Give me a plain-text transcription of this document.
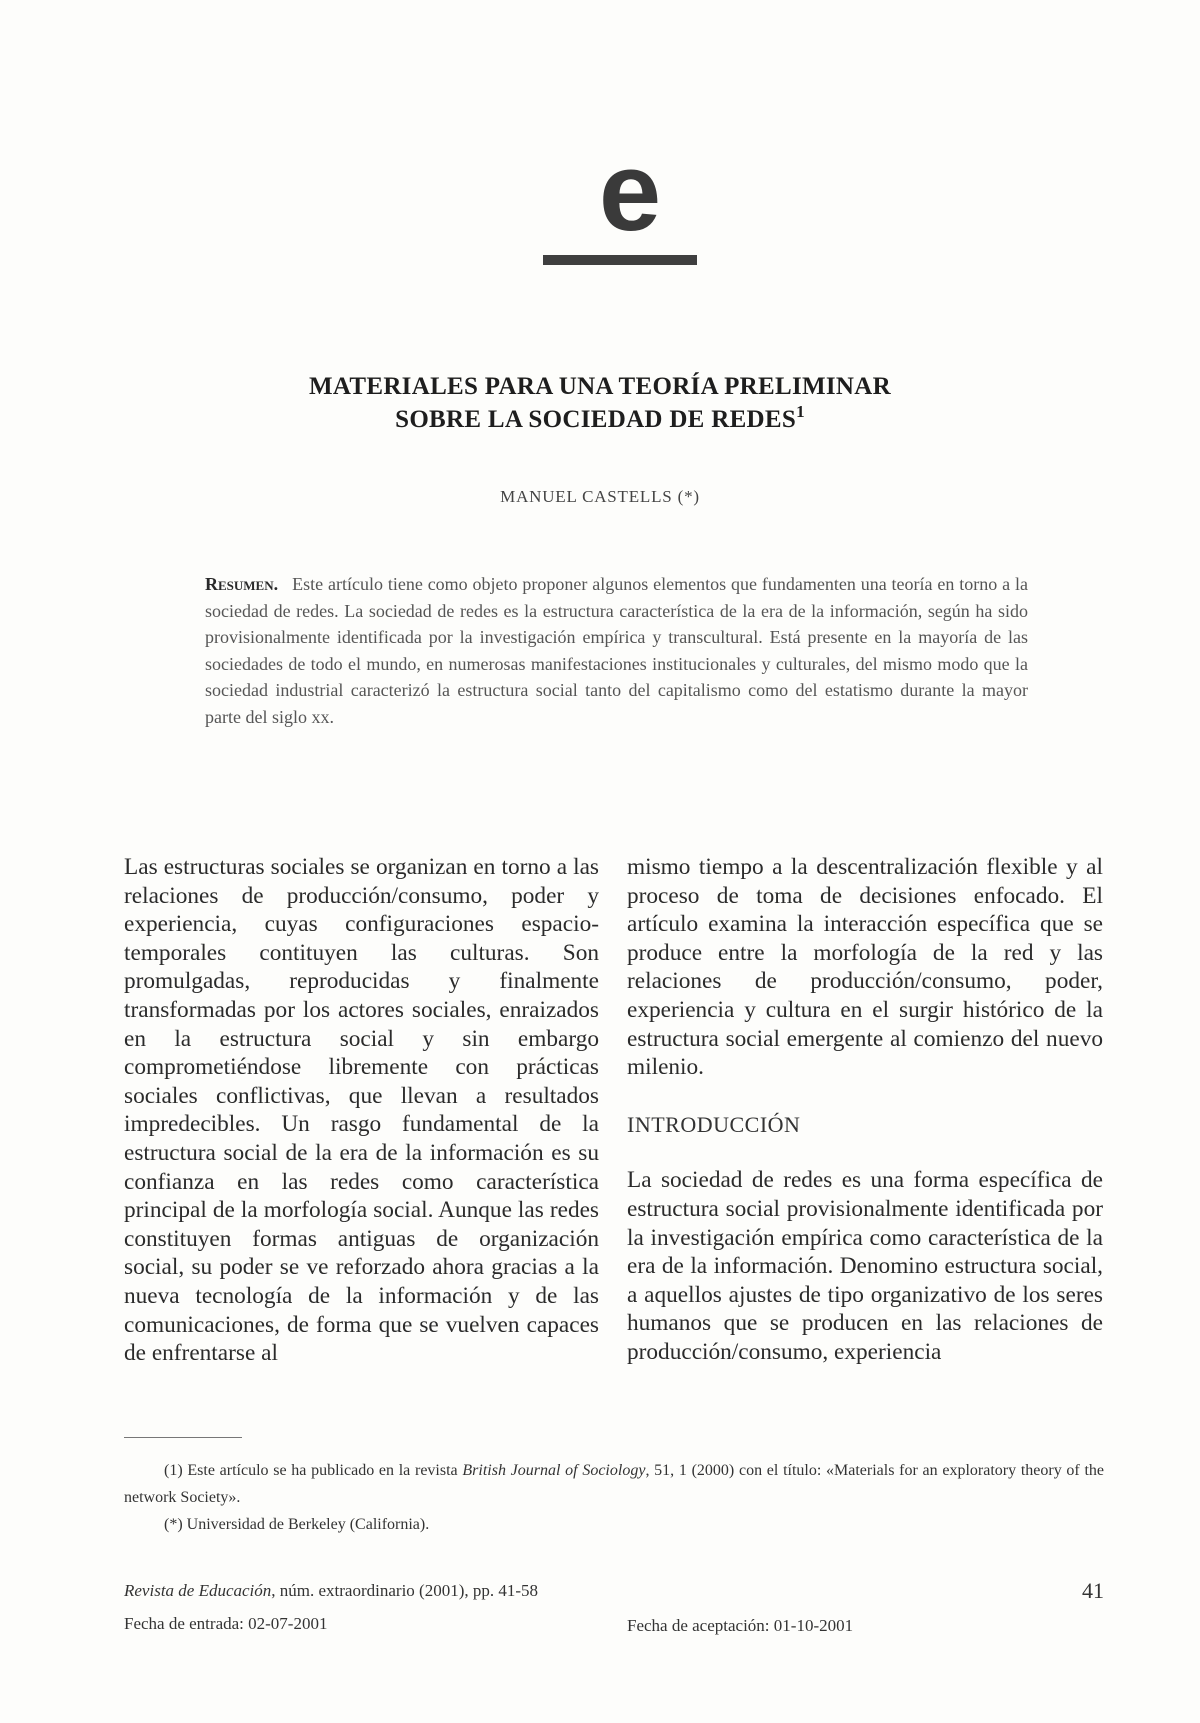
e
MATERIALES PARA UNA TEORÍA PRELIMINAR
SOBRE LA SOCIEDAD DE REDES$^1$
MANUEL CASTELLS (*)
Resumen. Este artículo tiene como objeto proponer algunos elementos que fundamenten una teoría en torno a la sociedad de redes. La sociedad de redes es la estructura característica de la era de la información, según ha sido provisionalmente identificada por la investigación empírica y transcultural. Está presente en la mayoría de las sociedades de todo el mundo, en numerosas manifestaciones institucionales y culturales, del mismo modo que la sociedad industrial caracterizó la estructura social tanto del capitalismo como del estatismo durante la mayor parte del siglo xx.

Las estructuras sociales se organizan en torno a las relaciones de producción/consumo, poder y experiencia, cuyas configuraciones espacio-temporales contituyen las culturas. Son promulgadas, reproducidas y finalmente transformadas por los actores sociales, enraizados en la estructura social y sin embargo comprometiéndose libremente con prácticas sociales conflictivas, que llevan a resultados impredecibles. Un rasgo fundamental de la estructura social de la era de la información es su confianza en las redes como característica principal de la morfología social. Aunque las redes constituyen formas antiguas de organización social, su poder se ve reforzado ahora gracias a la nueva tecnología de la información y de las comunicaciones, de forma que se vuelven capaces de enfrentarse al

mismo tiempo a la descentralización flexible y al proceso de toma de decisiones enfocado. El artículo examina la interacción específica que se produce entre la morfología de la red y las relaciones de producción/consumo, poder, experiencia y cultura en el surgir histórico de la estructura social emergente al comienzo del nuevo milenio.

INTRODUCCIÓN

La sociedad de redes es una forma específica de estructura social provisionalmente identificada por la investigación empírica como característica de la era de la información. Denomino estructura social, a aquellos ajustes de tipo organizativo de los seres humanos que se producen en las relaciones de producción/consumo, experiencia

(1) Este artículo se ha publicado en la revista British Journal of Sociology, 51, 1 (2000) con el título: «Materials for an exploratory theory of the network Society».

(*) Universidad de Berkeley (California).

Revista de Educación, núm. extraordinario (2001), pp. 41-58	41
Fecha de entrada: 02-07-2001	Fecha de aceptación: 01-10-2001
